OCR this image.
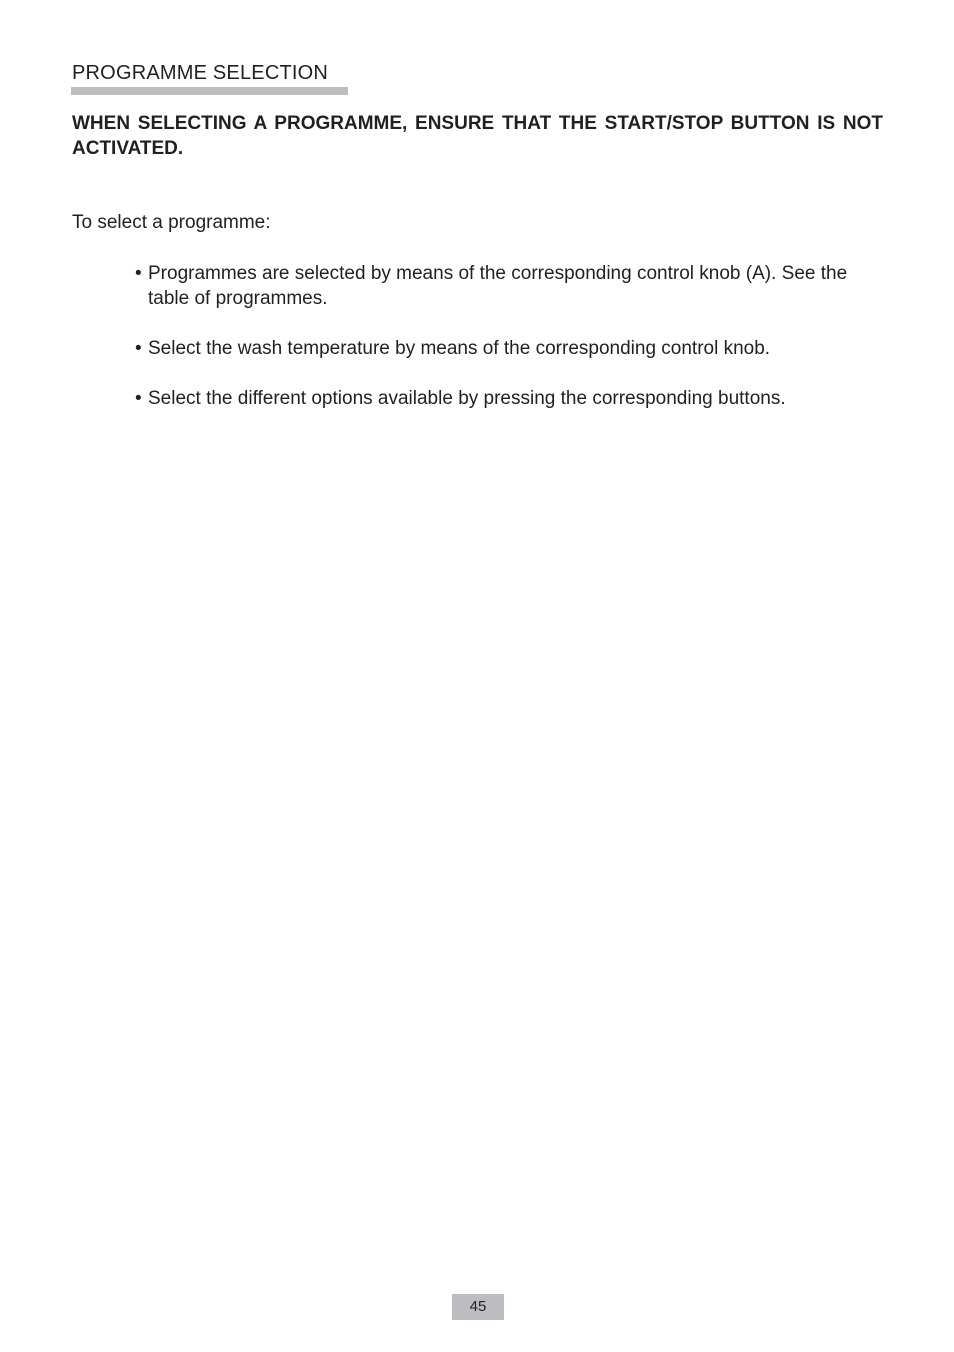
PROGRAMME SELECTION

WHEN SELECTING A PROGRAMME, ENSURE THAT THE START/STOP BUTTON IS NOT ACTIVATED.

To select a programme:

• Programmes are selected by means of the corresponding control knob (A). See the table of programmes.
• Select the wash temperature by means of the corresponding control knob.
• Select the different options available by pressing the corresponding buttons.
45
